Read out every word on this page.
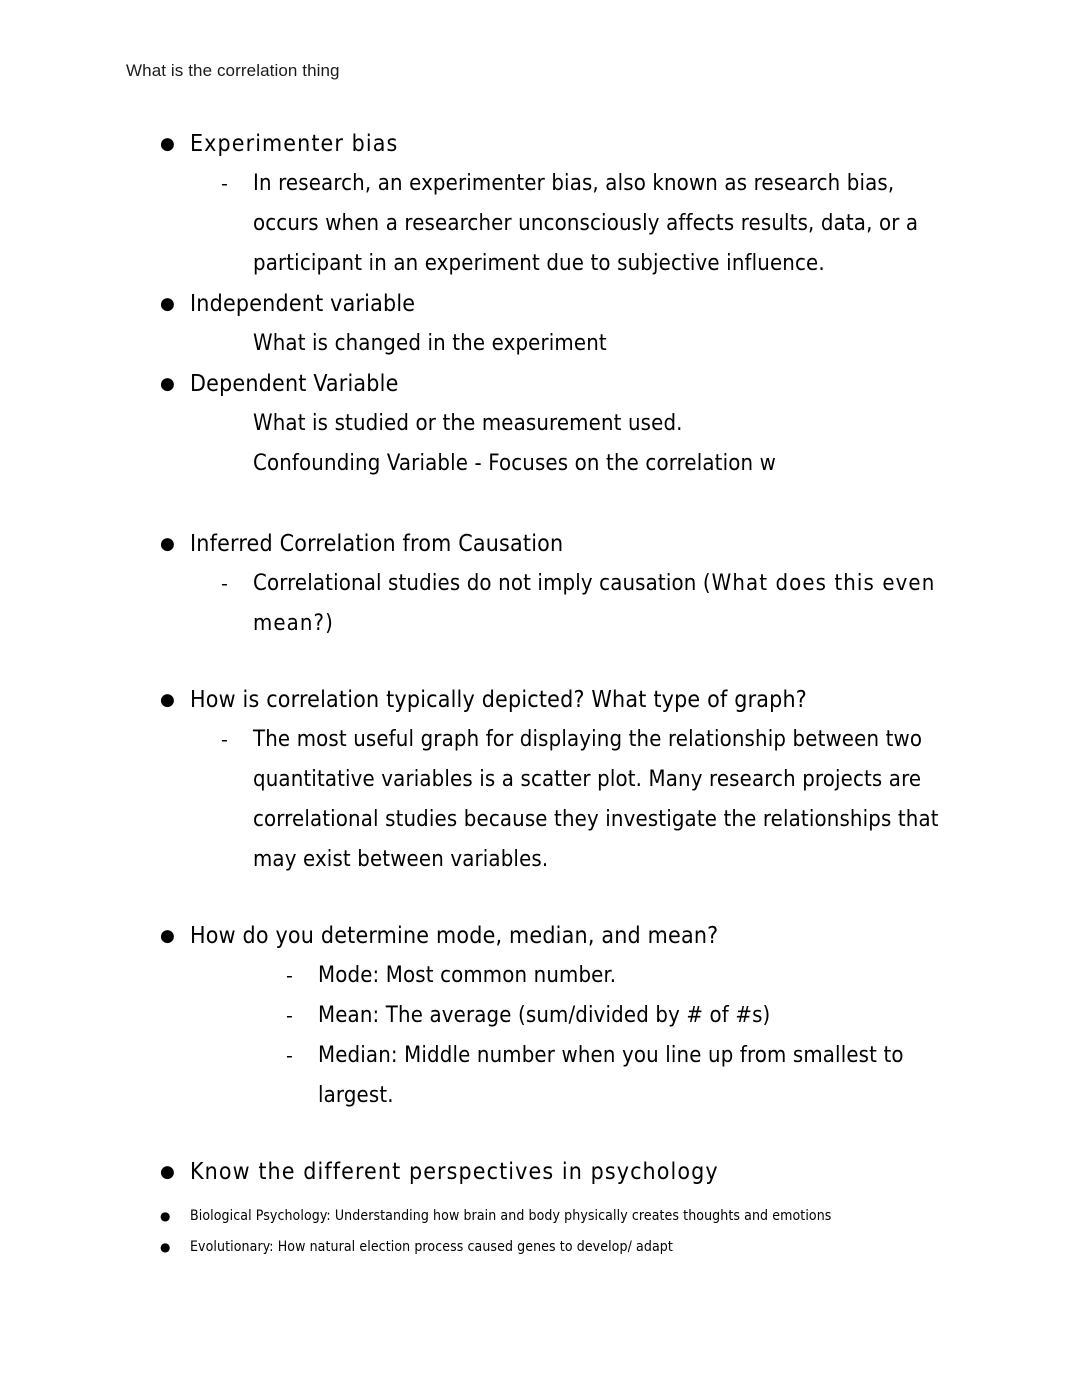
What is the correlation thing
● Experimenter bias
- In research, an experimenter bias, also known as research bias, occurs when a researcher unconsciously affects results, data, or a participant in an experiment due to subjective influence.
● Independent variable
What is changed in the experiment
● Dependent Variable
What is studied or the measurement used.
Confounding Variable - Focuses on the correlation w
● Inferred Correlation from Causation
- Correlational studies do not imply causation (What does this even mean?)
● How is correlation typically depicted? What type of graph?
- The most useful graph for displaying the relationship between two quantitative variables is a scatter plot. Many research projects are correlational studies because they investigate the relationships that may exist between variables.
● How do you determine mode, median, and mean?
- Mode: Most common number.
- Mean: The average (sum/divided by # of #s)
- Median: Middle number when you line up from smallest to largest.
● Know the different perspectives in psychology
● Biological Psychology: Understanding how brain and body physically creates thoughts and emotions
● Evolutionary: How natural election process caused genes to develop/ adapt
